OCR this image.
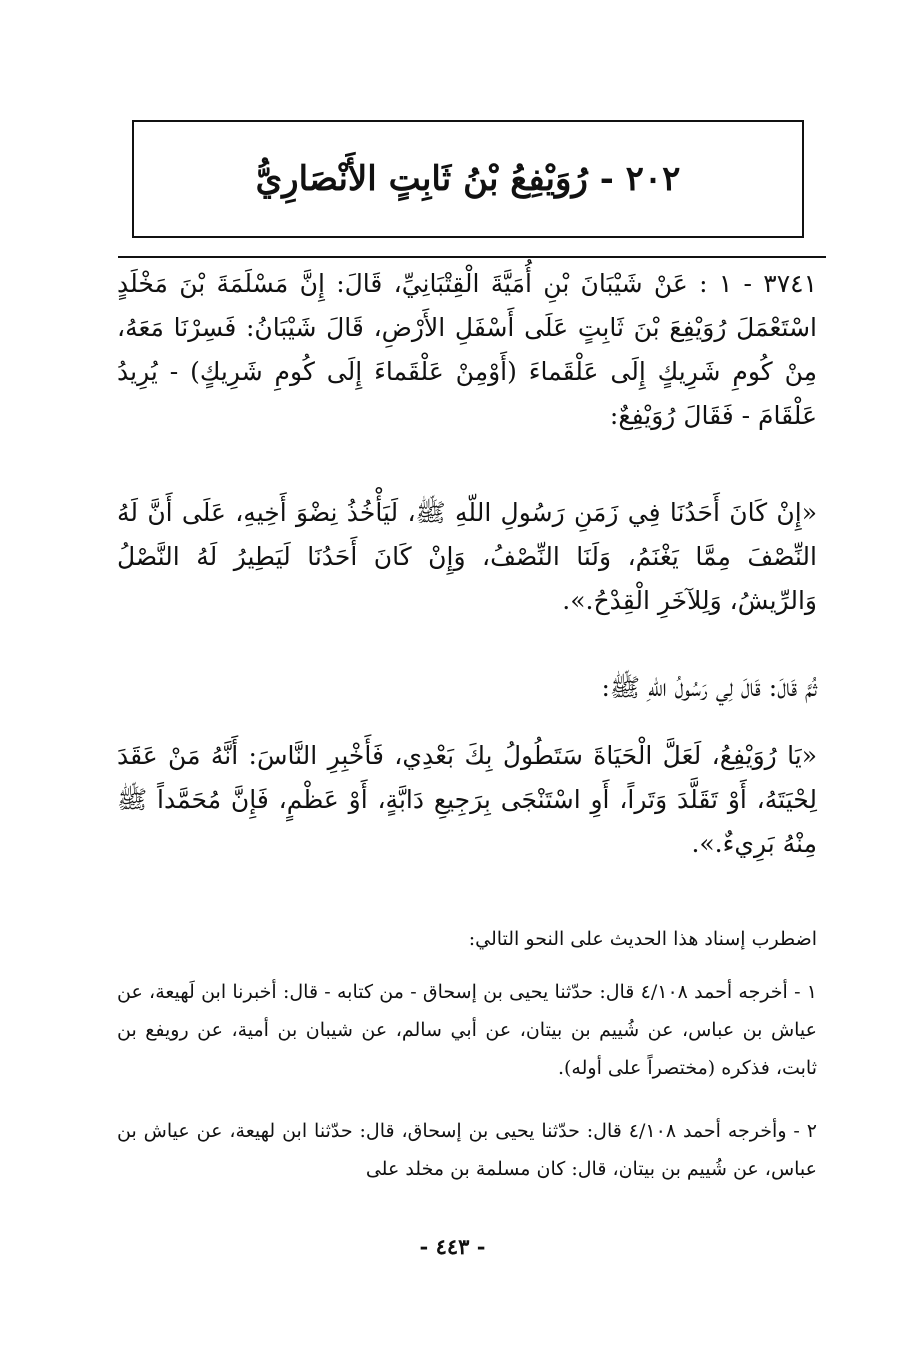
٢٠٢ - رُوَيْفِعُ بْنُ ثَابِتٍ الأَنْصَارِيُّ

٣٧٤١ - ١ : عَنْ شَيْبَانَ بْنِ أُمَيَّةَ الْقِتْبَانِيِّ، قَالَ: إِنَّ مَسْلَمَةَ بْنَ مَخْلَدٍ اسْتَعْمَلَ رُوَيْفِعَ بْنَ ثَابِتٍ عَلَى أَسْفَلِ الأَرْضِ، قَالَ شَيْبَانُ: فَسِرْنَا مَعَهُ، مِنْ كُومِ شَرِيكٍ إِلَى عَلْقَماءَ (أَوْمِنْ عَلْقَماءَ إِلَى كُومِ شَرِيكٍ) - يُرِيدُ عَلْقَامَ - فَقَالَ رُوَيْفِعٌ:

«إِنْ كَانَ أَحَدُنَا فِي زَمَنِ رَسُولِ اللّهِ ﷺ، لَيَأْخُذُ نِضْوَ أَخِيهِ، عَلَى أَنَّ لَهُ النِّصْفَ مِمَّا يَغْنَمُ، وَلَنَا النِّصْفُ، وَإِنْ كَانَ أَحَدُنَا لَيَطِيرُ لَهُ النَّصْلُ وَالرِّيشُ، وَلِلآخَرِ الْقِدْحُ.».

ثُمَّ قَالَ: قَالَ لِي رَسُولُ اللّهِ ﷺ:

«يَا رُوَيْفِعُ، لَعَلَّ الْحَيَاةَ سَتَطُولُ بِكَ بَعْدِي، فَأَخْبِرِ النَّاسَ: أَنَّهُ مَنْ عَقَدَ لِحْيَتَهُ، أَوْ تَقَلَّدَ وَتَراً، أَوِ اسْتَنْجَى بِرَجِيعِ دَابَّةٍ، أَوْ عَظْمٍ، فَإِنَّ مُحَمَّداً ﷺ مِنْهُ بَرِيءٌ.».

اضطرب إسناد هذا الحديث على النحو التالي:

١ - أخرجه أحمد ٤/١٠٨ قال: حدّثنا يحيى بن إسحاق - من كتابه - قال: أخبرنا ابن لَهيعة، عن عياش بن عباس، عن شُييم بن بيتان، عن أبي سالم، عن شيبان بن أمية، عن رويفع بن ثابت، فذكره (مختصراً على أوله).

٢ - وأخرجه أحمد ٤/١٠٨ قال: حدّثنا يحيى بن إسحاق، قال: حدّثنا ابن لهيعة، عن عياش بن عباس، عن شُييم بن بيتان، قال: كان مسلمة بن مخلد على

- ٤٤٣ -
